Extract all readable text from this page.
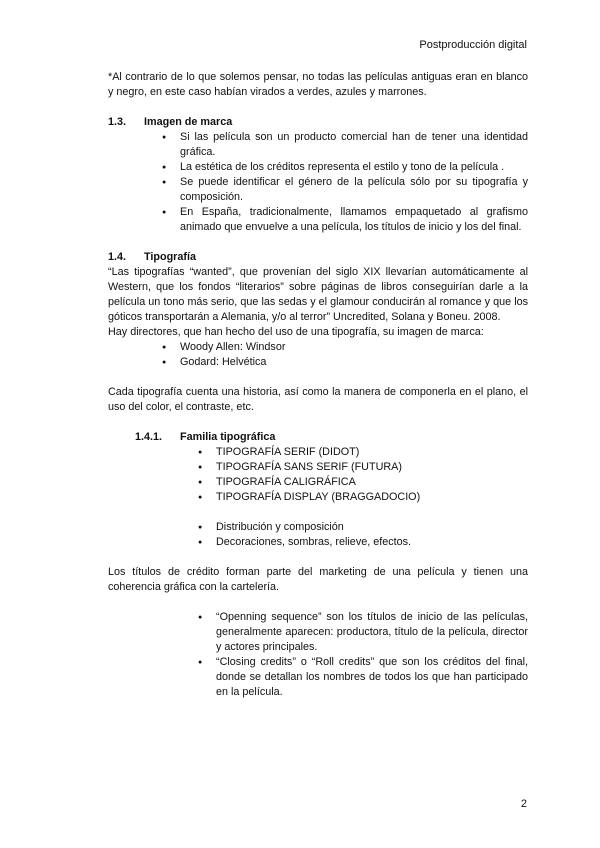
Postproducción digital

*Al contrario de lo que solemos pensar, no todas las películas antiguas eran en blanco y negro, en este caso habían virados a verdes, azules y marrones.

1.3.	Imagen de marca
● Si las película son un producto comercial han de tener una identidad gráfica.
● La estética de los créditos representa el estilo y tono de la película .
● Se puede identificar el género de la película sólo por su tipografía y composición.
● En España, tradicionalmente, llamamos empaquetado al grafismo animado que envuelve a una película, los títulos de inicio y los del final.
1.4.	Tipografía

“Las tipografías “wanted”, que provenían del siglo XIX llevarían automáticamente al Western, que los fondos “literarios” sobre páginas de libros conseguirían darle a la película un tono más serio, que las sedas y el glamour conducirán al romance y que los góticos transportarán a Alemania, y/o al terror” Uncredited, Solana y Boneu. 2008.

Hay directores, que han hecho del uso de una tipografía, su imagen de marca:

● Woody Allen: Windsor
● Godard: Helvética

Cada tipografía cuenta una historia, así como la manera de componerla en el plano, el uso del color, el contraste, etc.

1.4.1.	Familia tipográfica
● TIPOGRAFÍA SERIF (DIDOT)
● TIPOGRAFÍA SANS SERIF (FUTURA)
● TIPOGRAFÍA CALIGRÁFICA
● TIPOGRAFÍA DISPLAY (BRAGGADOCIO)
● Distribución y composición
● Decoraciones, sombras, relieve, efectos.

Los títulos de crédito forman parte del marketing de una película y tienen una coherencia gráfica con la cartelería.

● “Openning sequence” son los títulos de inicio de las películas, generalmente aparecen: productora, título de la película, director y actores principales.
● “Closing credits” o “Roll credits” que son los créditos del final, donde se detallan los nombres de todos los que han participado en la película.
2
